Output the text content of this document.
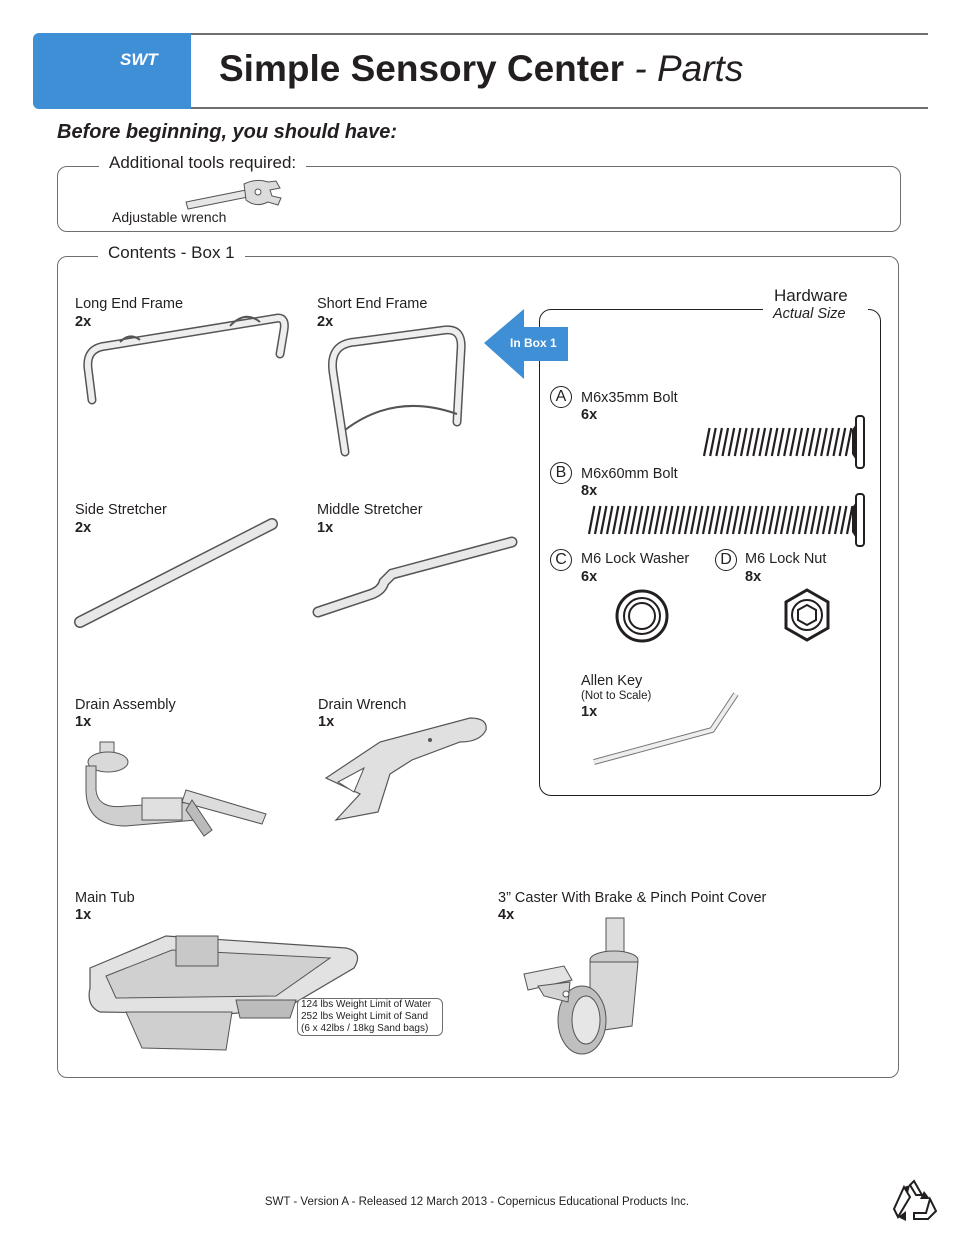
SWT Simple Sensory Center - Parts
Before beginning, you should have:
Additional tools required:
Adjustable wrench
Contents - Box 1
Long End Frame
2x
Short End Frame
2x
Side Stretcher
2x
Middle Stretcher
1x
Drain Assembly
1x
Drain Wrench
1x
Main Tub
1x
124 lbs Weight Limit of Water
252 lbs Weight Limit of Sand
(6 x 42lbs / 18kg Sand bags)
3” Caster With Brake & Pinch Point Cover
4x
Hardware
Actual Size
In Box 1
A	M6x35mm Bolt
6x
B	M6x60mm Bolt
8x
C M6 Lock Washer
6x
D M6 Lock Nut
8x
Allen Key
(Not to Scale)
1x
SWT - Version A - Released 12 March 2013 - Copernicus Educational Products Inc.
